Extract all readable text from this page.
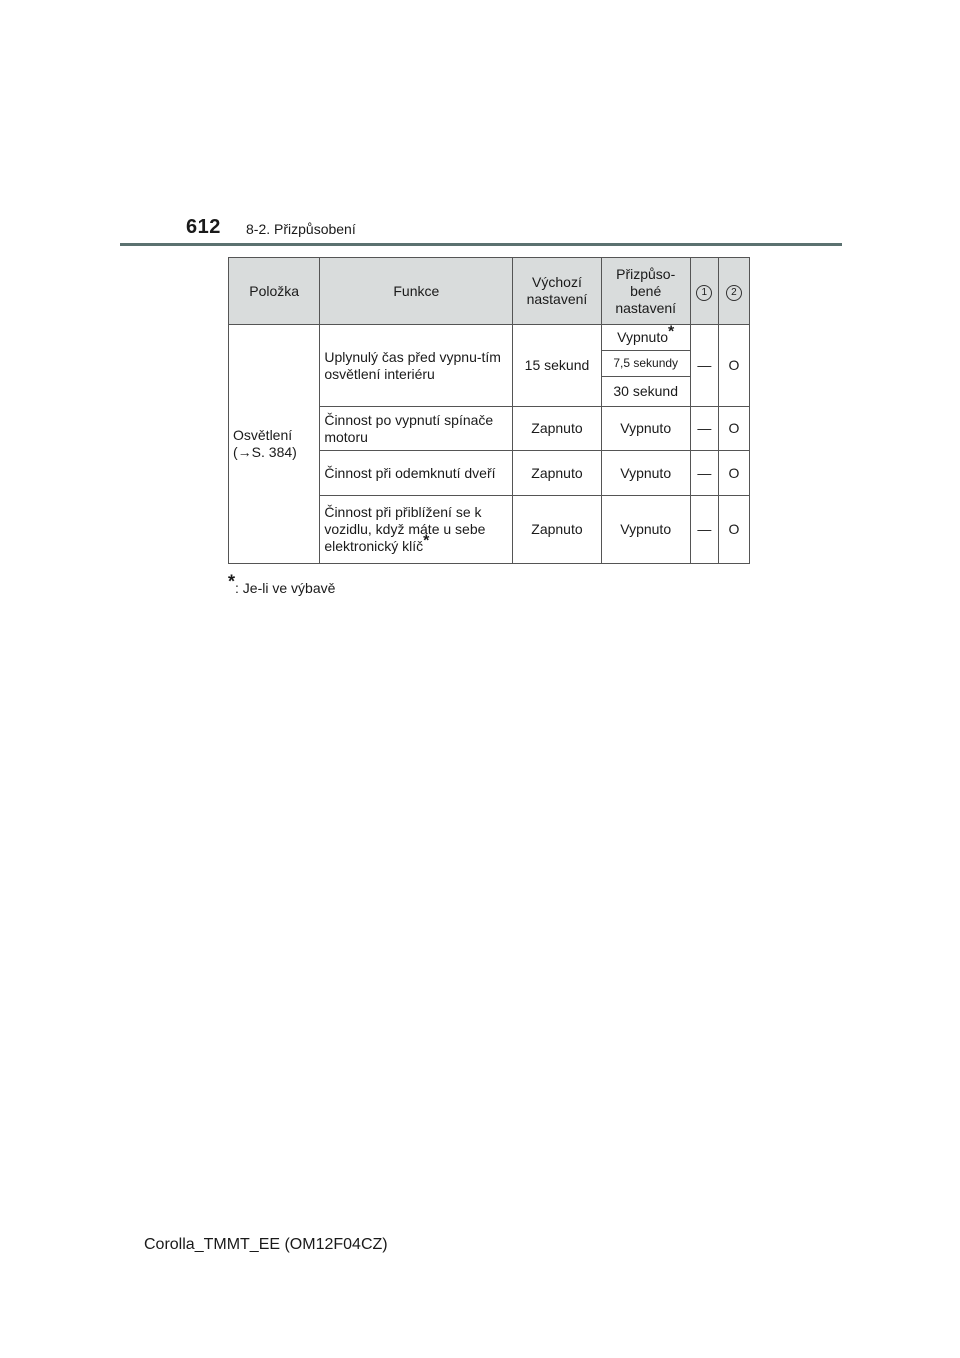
612 8-2. Přizpůsobení
Položka	Funkce	Výchozí nastavení	Přizpůso-bené nastavení	1	2
Osvětlení
(→S. 384)	Uplynulý čas před vypnu-tím osvětlení interiéru	15 sekund	Vypnuto*	—	O
			7,5 sekundy		
			30 sekund		
	Činnost po vypnutí spínače motoru	Zapnuto	Vypnuto	—	O
	Činnost při odemknutí dveří	Zapnuto	Vypnuto	—	O
	Činnost při přiblížení se k vozidlu, když máte u sebe elektronický klíč*	Zapnuto	Vypnuto	—	O
*: Je-li ve výbavě
Corolla_TMMT_EE (OM12F04CZ)
